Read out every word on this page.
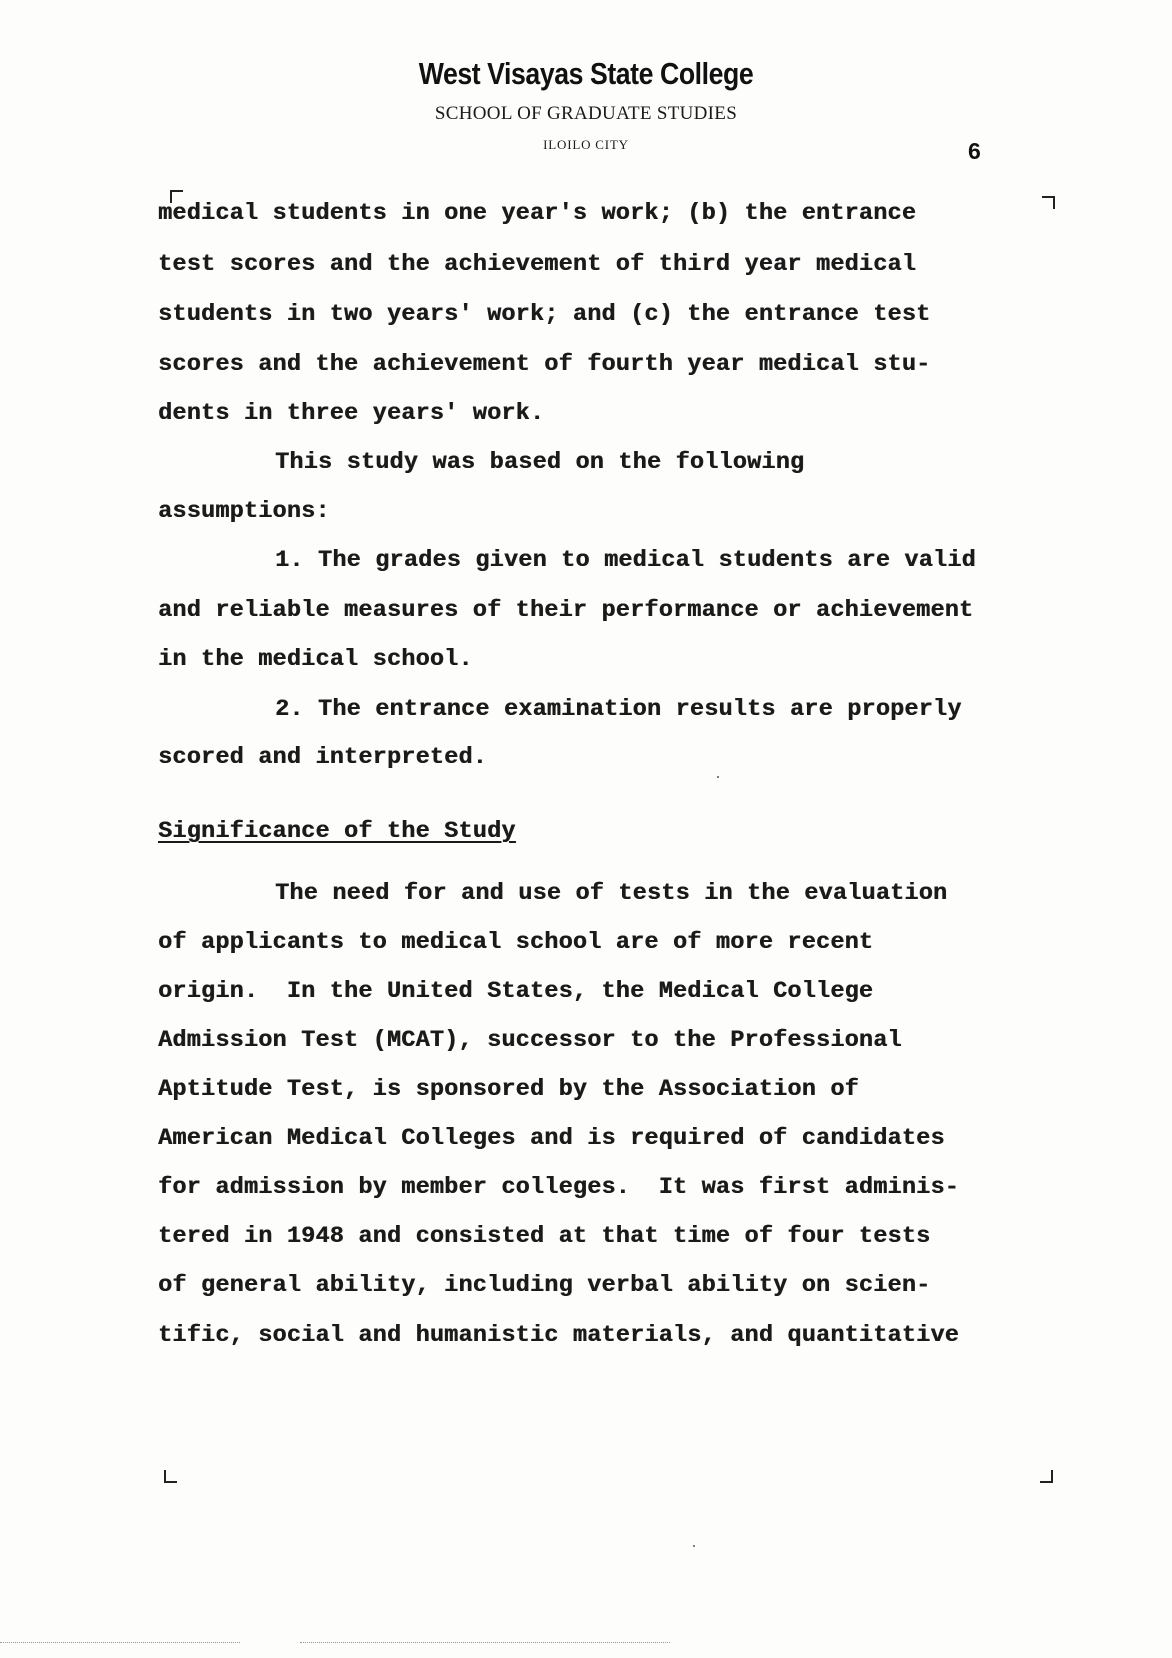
West Visayas State College
SCHOOL OF GRADUATE STUDIES
ILOILO CITY	6
medical students in one year's work; (b) the entrance
test scores and the achievement of third year medical
students in two years' work; and (c) the entrance test
scores and the achievement of fourth year medical stu-
dents in three years' work.
This study was based on the following
assumptions:
1. The grades given to medical students are valid
and reliable measures of their performance or achievement
in the medical school.
2. The entrance examination results are properly
scored and interpreted.
Significance of the Study
The need for and use of tests in the evaluation
of applicants to medical school are of more recent
origin.  In the United States, the Medical College
Admission Test (MCAT), successor to the Professional
Aptitude Test, is sponsored by the Association of
American Medical Colleges and is required of candidates
for admission by member colleges.  It was first adminis-
tered in 1948 and consisted at that time of four tests
of general ability, including verbal ability on scien-
tific, social and humanistic materials, and quantitative
